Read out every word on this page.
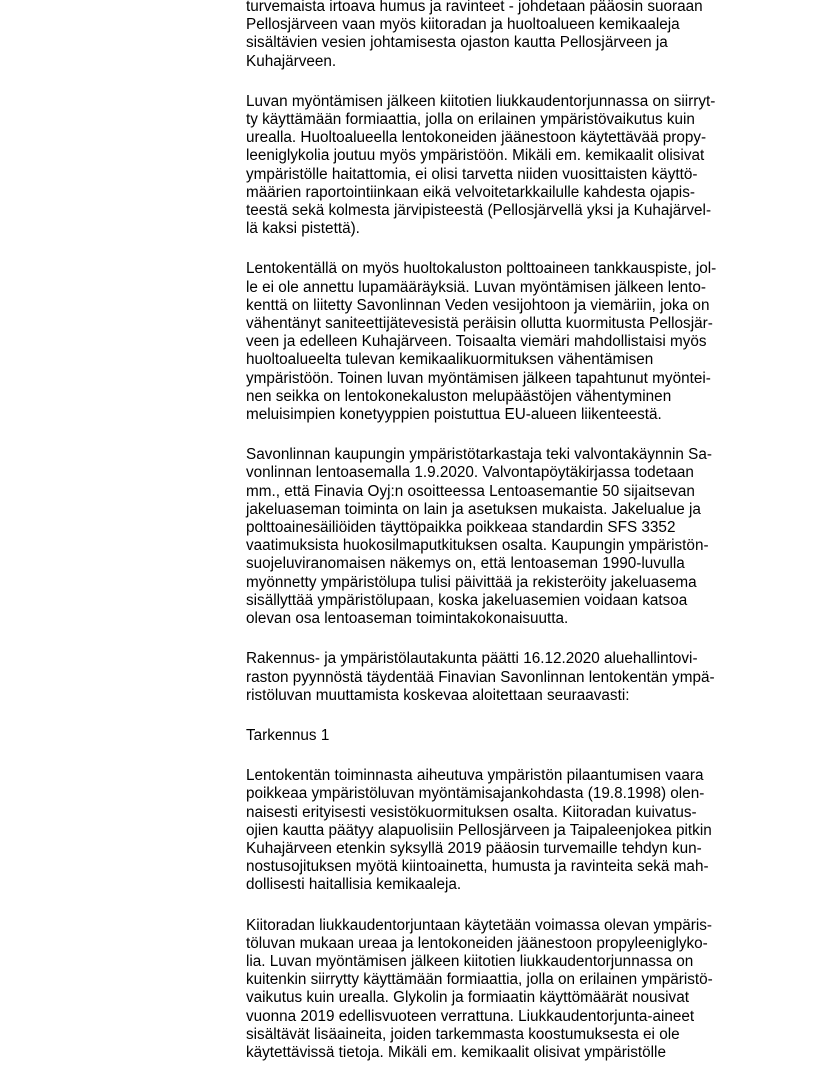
turvemaista irtoava humus ja ravinteet - johdetaan pääosin suoraan
Pellosjärveen vaan myös kiitoradan ja huoltoalueen kemikaaleja
sisältävien vesien johtamisesta ojaston kautta Pellosjärveen ja
Kuhajärveen.
Luvan myöntämisen jälkeen kiitotien liukkaudentorjunnassa on siirryt-
ty käyttämään formiaattia, jolla on erilainen ympäristövaikutus kuin
urealla. Huoltoalueella lentokoneiden jäänestoon käytettävää propy-
leeniglykolia joutuu myös ympäristöön. Mikäli em. kemikaalit olisivat
ympäristölle haitattomia, ei olisi tarvetta niiden vuosittaisten käyttö-
määrien raportointiinkaan eikä velvoitetarkkailulle kahdesta ojapis-
teestä sekä kolmesta järvipisteestä (Pellosjärvellä yksi ja Kuhajärvel-
lä kaksi pistettä).
Lentokentällä on myös huoltokaluston polttoaineen tankkauspiste, jol-
le ei ole annettu lupamääräyksiä. Luvan myöntämisen jälkeen lento-
kenttä on liitetty Savonlinnan Veden vesijohtoon ja viemäriin, joka on
vähentänyt saniteettijätevesistä peräisin ollutta kuormitusta Pellosjär-
veen ja edelleen Kuhajärveen. Toisaalta viemäri mahdollistaisi myös
huoltoalueelta tulevan kemikaalikuormituksen vähentämisen
ympäristöön. Toinen luvan myöntämisen jälkeen tapahtunut myöntei-
nen seikka on lentokonekaluston melupäästöjen vähentyminen
meluisimpien konetyyppien poistuttua EU-alueen liikenteestä.
Savonlinnan kaupungin ympäristötarkastaja teki valvontakäynnin Sa-
vonlinnan lentoasemalla 1.9.2020. Valvontapöytäkirjassa todetaan
mm., että Finavia Oyj:n osoitteessa Lentoasemantie 50 sijaitsevan
jakeluaseman toiminta on lain ja asetuksen mukaista. Jakelualue ja
polttoainesäiliöiden täyttöpaikka poikkeaa standardin SFS 3352
vaatimuksista huokosilmaputkituksen osalta. Kaupungin ympäristön-
suojeluviranomaisen näkemys on, että lentoaseman 1990-luvulla
myönnetty ympäristölupa tulisi päivittää ja rekisteröity jakeluasema
sisällyttää ympäristölupaan, koska jakeluasemien voidaan katsoa
olevan osa lentoaseman toimintakokonaisuutta.
Rakennus- ja ympäristölautakunta päätti 16.12.2020 aluehallintovi-
raston pyynnöstä täydentää Finavian Savonlinnan lentokentän ympä-
ristöluvan muuttamista koskevaa aloitettaan seuraavasti:
Tarkennus 1
Lentokentän toiminnasta aiheutuva ympäristön pilaantumisen vaara
poikkeaa ympäristöluvan myöntämisajankohdasta (19.8.1998) olen-
naisesti erityisesti vesistökuormituksen osalta. Kiitoradan kuivatus-
ojien kautta päätyy alapuolisiin Pellosjärveen ja Taipaleenjokea pitkin
Kuhajärveen etenkin syksyllä 2019 pääosin turvemaille tehdyn kun-
nostusojituksen myötä kiintoainetta, humusta ja ravinteita sekä mah-
dollisesti haitallisia kemikaaleja.
Kiitoradan liukkaudentorjuntaan käytetään voimassa olevan ympäris-
töluvan mukaan ureaa ja lentokoneiden jäänestoon propyleeniglyko-
lia. Luvan myöntämisen jälkeen kiitotien liukkaudentorjunnassa on
kuitenkin siirrytty käyttämään formiaattia, jolla on erilainen ympäristö-
vaikutus kuin urealla. Glykolin ja formiaatin käyttömäärät nousivat
vuonna 2019 edellisvuoteen verrattuna. Liukkaudentorjunta-aineet
sisältävät lisäaineita, joiden tarkemmasta koostumuksesta ei ole
käytettävissä tietoja. Mikäli em. kemikaalit olisivat ympäristölle
